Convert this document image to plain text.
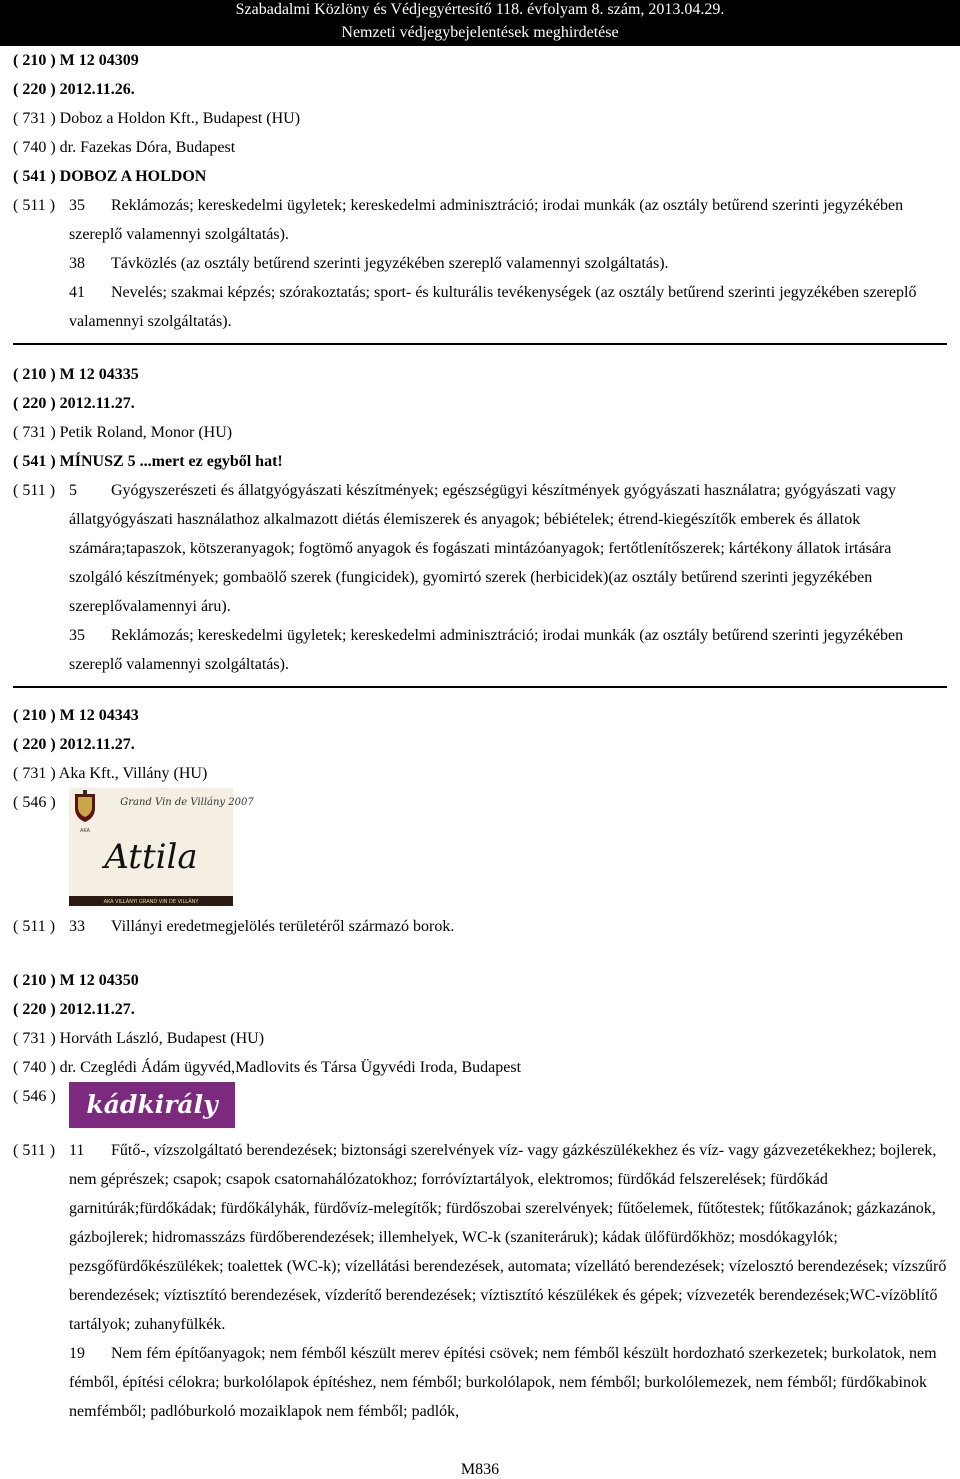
Szabadalmi Közlöny és Védjegyértesítő 118. évfolyam 8. szám, 2013.04.29.
Nemzeti védjegybejelentések meghirdetése
( 210 ) M 12 04309
( 220 ) 2012.11.26.
( 731 ) Doboz a Holdon Kft., Budapest (HU)
( 740 ) dr. Fazekas Dóra, Budapest
( 541 ) DOBOZ A HOLDON
( 511 ) 35 Reklámozás; kereskedelmi ügyletek; kereskedelmi adminisztráció; irodai munkák (az osztály betűrend szerinti jegyzékében szereplő valamennyi szolgáltatás).
38 Távközlés (az osztály betűrend szerinti jegyzékében szereplő valamennyi szolgáltatás).
41 Nevelés; szakmai képzés; szórakoztatás; sport- és kulturális tevékenységek (az osztály betűrend szerinti jegyzékében szereplő valamennyi szolgáltatás).
( 210 ) M 12 04335
( 220 ) 2012.11.27.
( 731 ) Petik Roland, Monor (HU)
( 541 ) MÍNUSZ 5 ...mert ez egyből hat!
( 511 ) 5 Gyógyszerészeti és állatgyógyászati készítmények; egészségügyi készítmények gyógyászati használatra; gyógyászati vagy állatgyógyászati használathoz alkalmazott diétás élemiszerek és anyagok; bébiételek; étrend-kiegészítők emberek és állatok számára;tapaszok, kötszeranyagok; fogtömő anyagok és fogászati mintázóanyagok; fertőtlenítőszerek; kártékony állatok irtására szolgáló készítmények; gombaölő szerek (fungicidek), gyomirtó szerek (herbicidek)(az osztály betűrend szerinti jegyzékében szereplővalamennyi áru).
35 Reklámozás; kereskedelmi ügyletek; kereskedelmi adminisztráció; irodai munkák (az osztály betűrend szerinti jegyzékében szereplő valamennyi szolgáltatás).
( 210 ) M 12 04343
( 220 ) 2012.11.27.
( 731 ) Aka Kft., Villány (HU)
( 546 )
AKA
Grand Vin de Villány 2007
Attila
AKA VILLÁNYI GRAND VIN DE VILLÁNY
( 511 ) 33 Villányi eredetmegjelölés területéről származó borok.
( 210 ) M 12 04350
( 220 ) 2012.11.27.
( 731 ) Horváth László, Budapest (HU)
( 740 ) dr. Czeglédi Ádám ügyvéd,Madlovits és Társa Ügyvédi Iroda, Budapest
( 546 ) kádkirály
( 511 ) 11 Fűtő-, vízszolgáltató berendezések; biztonsági szerelvények víz- vagy gázkészülékekhez és víz- vagy gázvezetékekhez; bojlerek, nem géprészek; csapok; csapok csatornahálózatokhoz; forróvíztartályok, elektromos; fürdőkád felszerelések; fürdőkád garnitúrák;fürdőkádak; fürdőkályhák, fürdővíz-melegítők; fürdőszobai szerelvények; fűtőelemek, fűtőtestek; fűtőkazánok; gázkazánok, gázbojlerek; hidromasszázs fürdőberendezések; illemhelyek, WC-k (szaniteráruk); kádak ülőfürdőkhöz; mosdókagylók; pezsgőfürdőkészülékek; toalettek (WC-k); vízellátási berendezések, automata; vízellátó berendezések; vízelosztó berendezések; vízszűrő berendezések; víztisztító berendezések, vízderítő berendezések; víztisztító készülékek és gépek; vízvezeték berendezések;WC-vízöblítő tartályok; zuhanyfülkék.
19 Nem fém építőanyagok; nem fémből készült merev építési csövek; nem fémből készült hordozható szerkezetek; burkolatok, nem fémből, építési célokra; burkolólapok építéshez, nem fémből; burkolólapok, nem fémből; burkolólemezek, nem fémből; fürdőkabinok nemfémből; padlóburkoló mozaiklapok nem fémből; padlók,
M836
